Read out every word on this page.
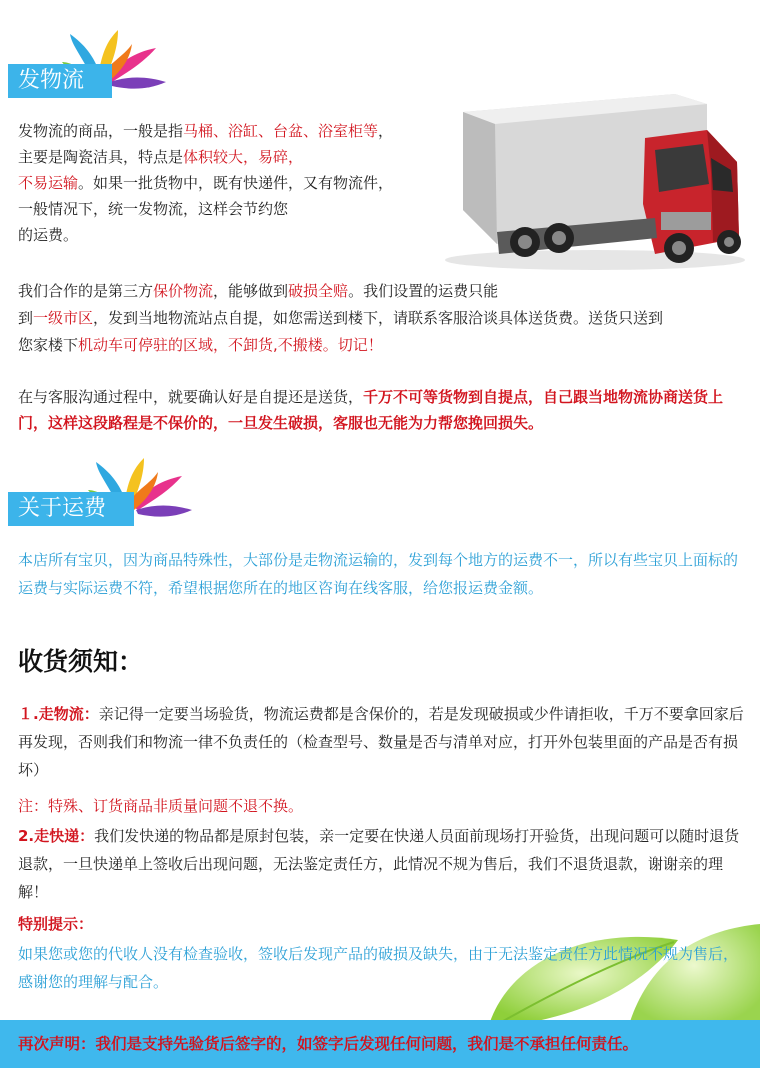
发物流
发物流的商品，一般是指马桶、浴缸、台盆、浴室柜等，
主要是陶瓷洁具，特点是体积较大，易碎，
不易运输。如果一批货物中，既有快递件，又有物流件，
一般情况下，统一发物流，这样会节约您
的运费。
我们合作的是第三方保价物流，能够做到破损全赔。我们设置的运费只能
到一级市区，发到当地物流站点自提，如您需送到楼下，请联系客服洽谈具体送货费。送货只送到
您家楼下机动车可停驻的区域，不卸货,不搬楼。切记！
在与客服沟通过程中，就要确认好是自提还是送货，千万不可等货物到自提点，自己跟当地物流协商送货上门，这样这段路程是不保价的，一旦发生破损，客服也无能为力帮您挽回损失。
关于运费
本店所有宝贝，因为商品特殊性，大部份是走物流运输的，发到每个地方的运费不一，所以有些宝贝上面标的运费与实际运费不符，希望根据您所在的地区咨询在线客服，给您报运费金额。
收货须知：
１.走物流：亲记得一定要当场验货，物流运费都是含保价的，若是发现破损或少件请拒收，千万不要拿回家后再发现，否则我们和物流一律不负责任的（检查型号、数量是否与清单对应，打开外包装里面的产品是否有损坏）
注：特殊、订货商品非质量问题不退不换。
2.走快递：我们发快递的物品都是原封包装，亲一定要在快递人员面前现场打开验货，出现问题可以随时退货退款，一旦快递单上签收后出现问题，无法鉴定责任方，此情况不规为售后，我们不退货退款，谢谢亲的理解！
特别提示：
如果您或您的代收人没有检查验收，签收后发现产品的破损及缺失，由于无法鉴定责任方此情况不规为售后，感谢您的理解与配合。
再次声明：我们是支持先验货后签字的，如签字后发现任何问题，我们是不承担任何责任。
